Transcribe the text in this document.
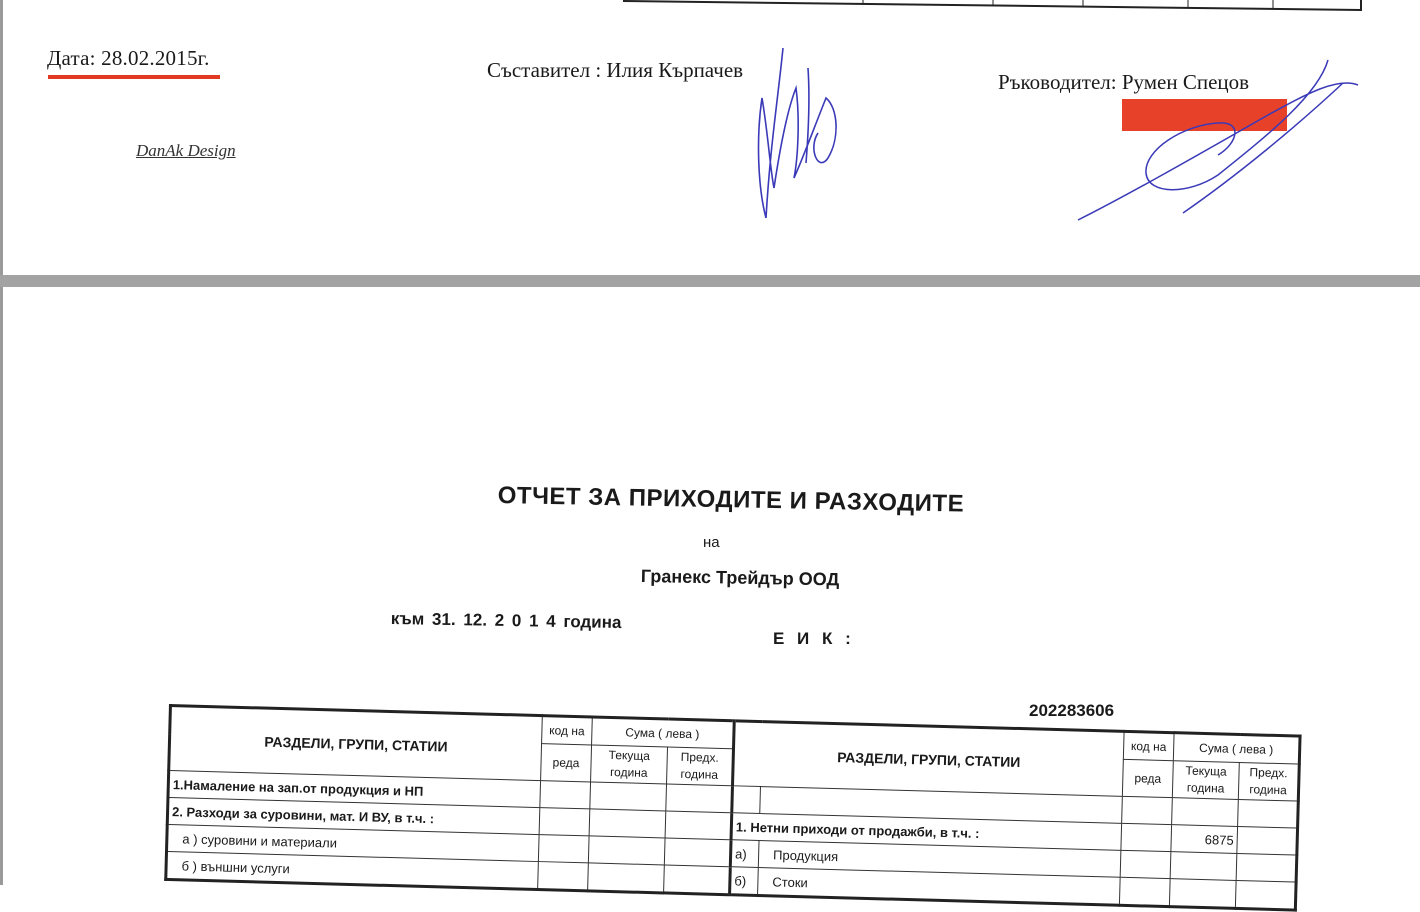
Дата: 28.02.2015г.	Съставител : Илия Кърпачев	Ръководител: Румен Спецов
DanAk Design
ОТЧЕТ ЗА ПРИХОДИТЕ И РАЗХОДИТЕ
на
Гранекс Трейдър ООД
към 31. 12. 2 0 1 4 година
Е И К :
202283606
РАЗДЕЛИ, ГРУПИ, СТАТИИ	код на	Сума ( лева )		РАЗДЕЛИ, ГРУПИ, СТАТИИ		код на	Сума ( лева )	
	реда	Текуща година	Предх. година			реда	Текуща година	Предх. година
1.Намаление на зап.от продукция и НП								
2. Разходи за суровини, мат. И ВУ, в т.ч. :				1. Нетни приходи от продажби, в т.ч. :			6875	
а ) суровини и материали				а)	Продукция			
б ) външни услуги				б)	Стоки			
